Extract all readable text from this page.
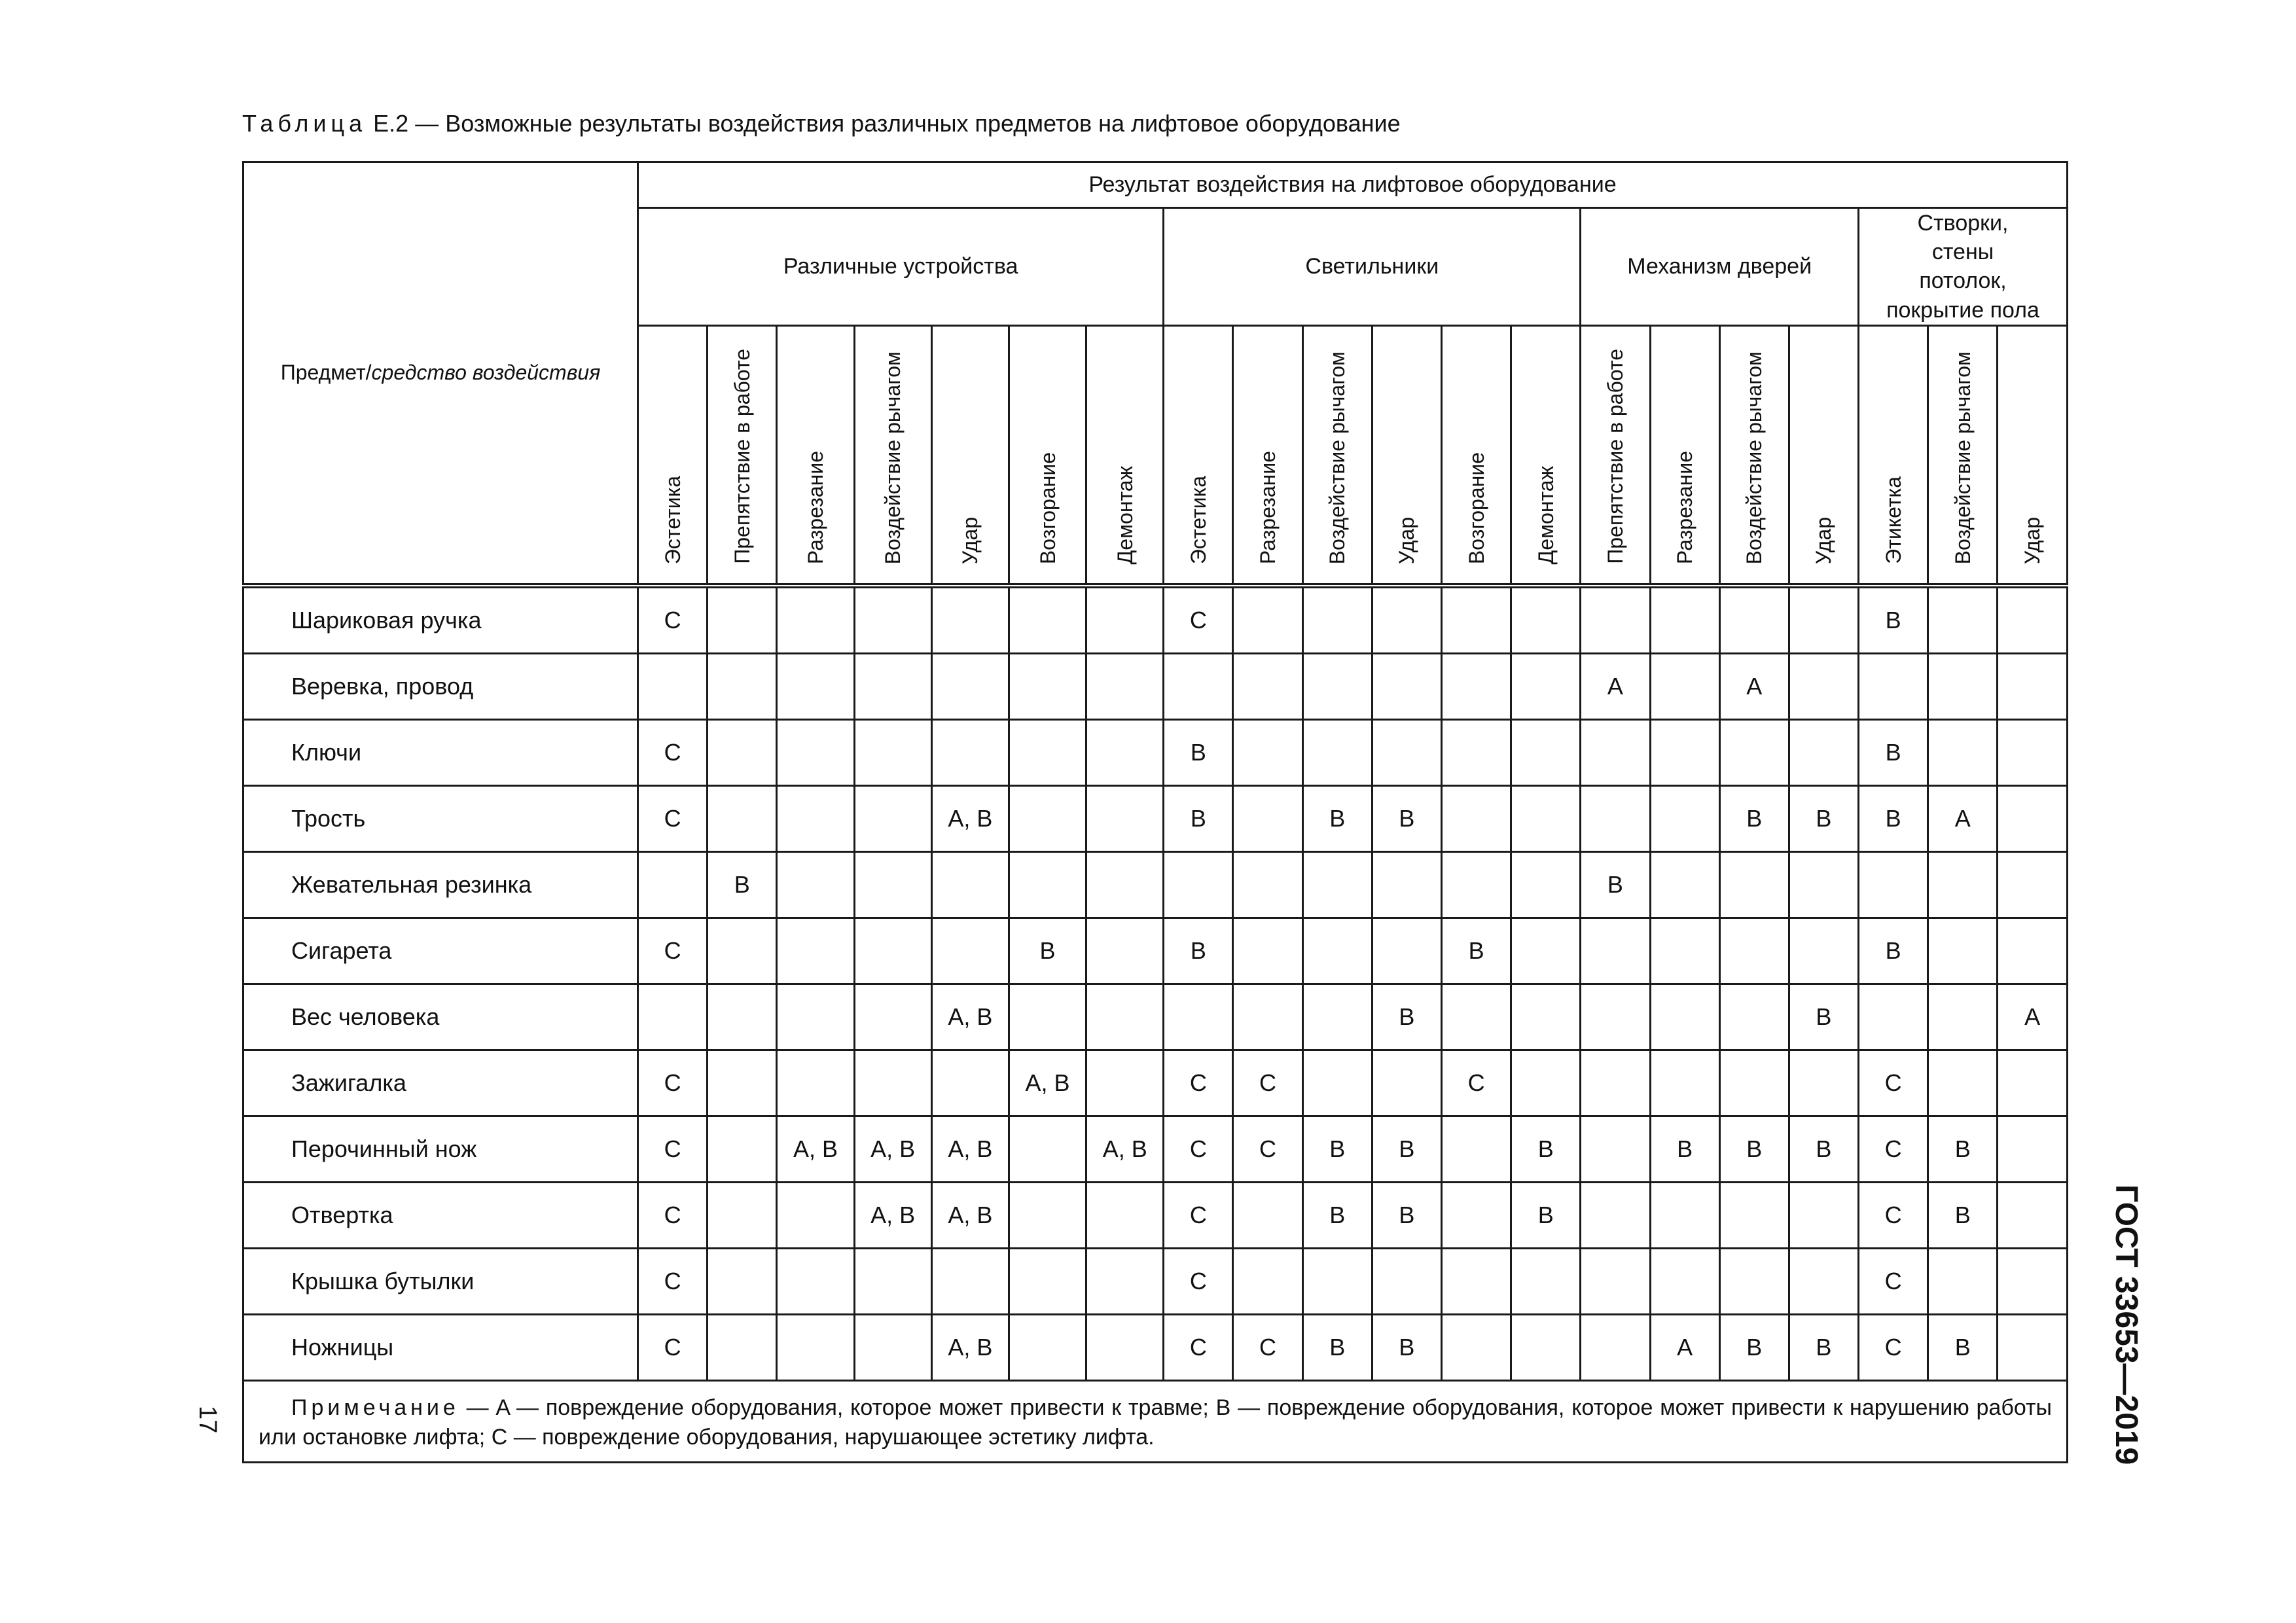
Таблица Е.2 — Возможные результаты воздействия различных предметов на лифтовое оборудование
Предмет/средство воздействия	Результат воздействия на лифтовое оборудование																			
	Различные устройства							Светильники						Механизм дверей				Створки, стены потолок, покрытие пола		
	Эстетика	Препятствие в работе	Разрезание	Воздействие рычагом	Удар	Возгорание	Демонтаж	Эстетика	Разрезание	Воздействие рычагом	Удар	Возгорание	Демонтаж	Препятствие в работе	Разрезание	Воздействие рычагом	Удар	Этикетка	Воздействие рычагом	Удар
Шариковая ручка	C							C										B		
Веревка, провод														A		A				
Ключи	C							B										B		
Трость	C				A, B			B		B	B					B	B	B	A	
Жевательная резинка		B												B						
Сигарета	C					B		B				B						B		
Вес человека					A, B						B						B			A
Зажигалка	C					A, B		C	C			C						C		
Перочинный нож	C		A, B	A, B	A, B		A, B	C	C	B	B		B		B	B	B	C	B	
Отвертка	C			A, B	A, B			C		B	B		B					C	B	
Крышка бутылки	C							C										C		
Ножницы	C				A, B			C	C	B	B				A	B	B	C	B	
Примечание — A — повреждение оборудования, которое может привести к травме; B — повреждение оборудования, которое может привести к нарушению работы или остановке лифта; C — повреждение оборудования, нарушающее эстетику лифта.																					ГОСТ 33653—2019
17
